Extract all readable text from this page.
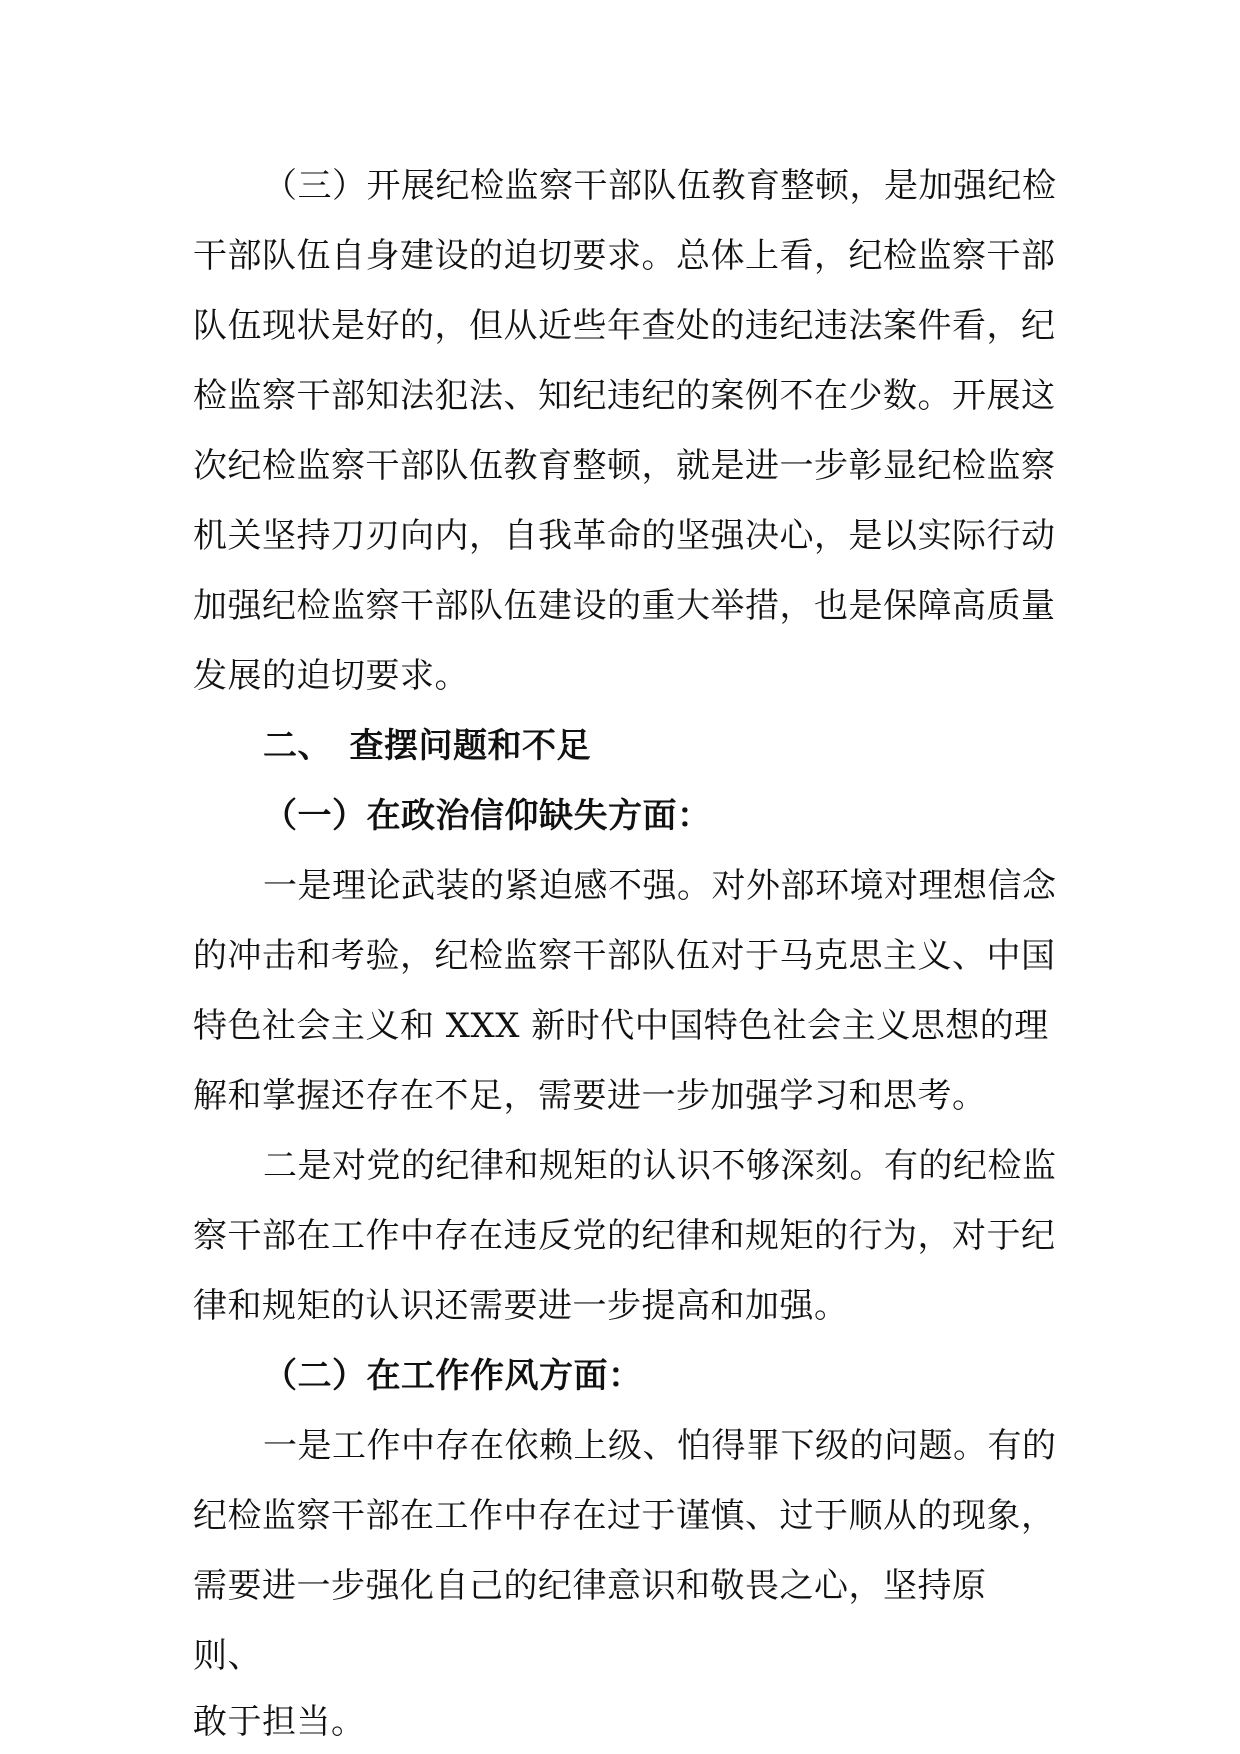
（三）开展纪检监察干部队伍教育整顿，是加强纪检
干部队伍自身建设的迫切要求。总体上看，纪检监察干部
队伍现状是好的，但从近些年查处的违纪违法案件看，纪
检监察干部知法犯法、知纪违纪的案例不在少数。开展这
次纪检监察干部队伍教育整顿，就是进一步彰显纪检监察
机关坚持刀刃向内，自我革命的坚强决心，是以实际行动
加强纪检监察干部队伍建设的重大举措，也是保障高质量
发展的迫切要求。
二、　查摆问题和不足
（一）在政治信仰缺失方面：
一是理论武装的紧迫感不强。对外部环境对理想信念
的冲击和考验，纪检监察干部队伍对于马克思主义、中国
特色社会主义和 XXX 新时代中国特色社会主义思想的理
解和掌握还存在不足，需要进一步加强学习和思考。
二是对党的纪律和规矩的认识不够深刻。有的纪检监
察干部在工作中存在违反党的纪律和规矩的行为，对于纪
律和规矩的认识还需要进一步提高和加强。
（二）在工作作风方面：
一是工作中存在依赖上级、怕得罪下级的问题。有的
纪检监察干部在工作中存在过于谨慎、过于顺从的现象，
需要进一步强化自己的纪律意识和敬畏之心，坚持原
则、
敢于担当。
